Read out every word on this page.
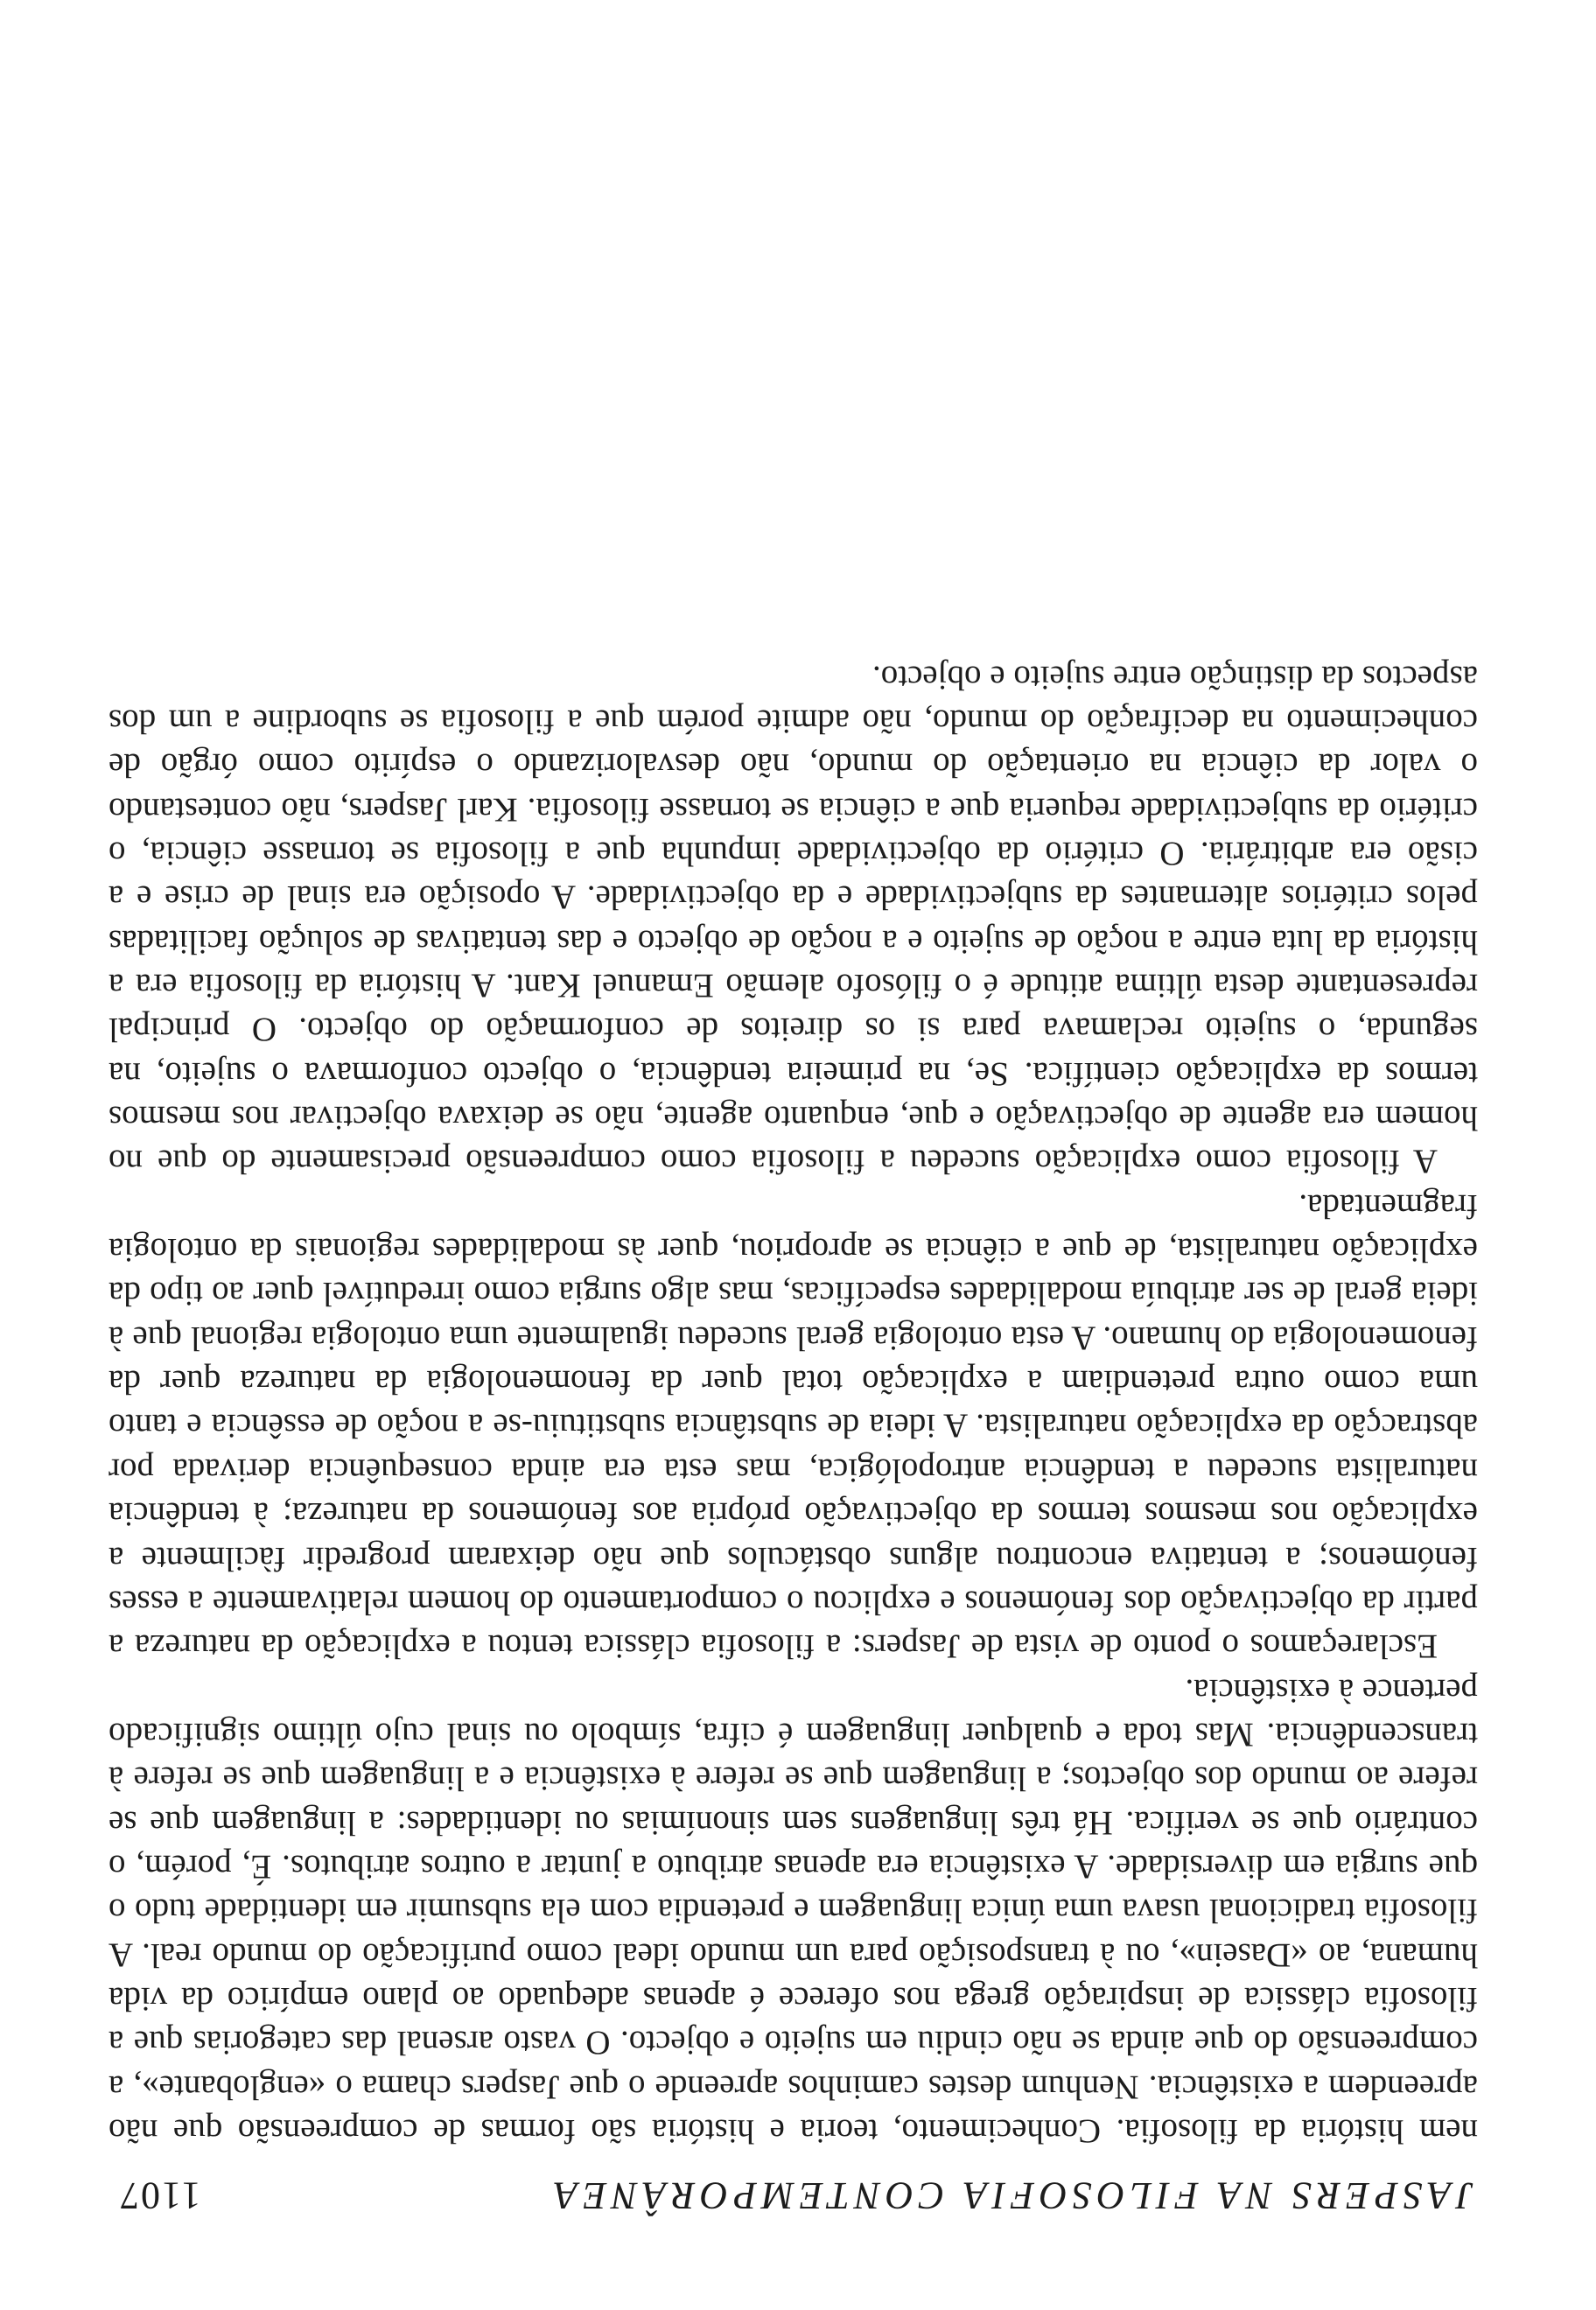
JASPERS NA FILOSOFIA CONTEMPORÂNEA
1107

nem história da filosofia. Conhecimento, teoria e história são formas de compreensão que não apreendem a existência. Nenhum destes caminhos apreende o que Jaspers chama o «englobante», a compreensão do que ainda se não cindiu em sujeito e objecto. O vasto arsenal das categorias que a filosofia clássica de inspiração grega nos oferece é apenas adequado ao plano empírico da vida humana, ao «Dasein», ou à transposição para um mundo ideal como purificação do mundo real. A filosofia tradicional usava uma única linguagem e pretendia com ela subsumir em identidade tudo o que surgia em diversidade. A existência era apenas atributo a juntar a outros atributos. É, porém, o contrário que se verifica. Há três linguagens sem sinonímias ou identidades: a linguagem que se refere ao mundo dos objectos; a linguagem que se refere à existência e a linguagem que se refere à transcendência. Mas toda e qualquer linguagem é cifra, símbolo ou sinal cujo último significado pertence à existência.

Esclareçamos o ponto de vista de Jaspers: a filosofia clássica tentou a explicação da natureza a partir da objectivação dos fenómenos e explicou o comportamento do homem relativamente a esses fenómenos; a tentativa encontrou alguns obstáculos que não deixaram progredir fàcilmente a explicação nos mesmos termos da objectivação própria aos fenómenos da natureza; à tendência naturalista sucedeu a tendência antropológica, mas esta era ainda consequência derivada por abstracção da explicação naturalista. A ideia de substância substituiu-se a noção de essência e tanto uma como outra pretendiam a explicação total quer da fenomenologia da natureza quer da fenomenologia do humano. A esta ontologia geral sucedeu igualmente uma ontologia regional que à ideia geral de ser atribuía modalidades específicas, mas algo surgia como irredutível quer ao tipo da explicação naturalista, de que a ciência se apropriou, quer às modalidades regionais da ontologia fragmentada.

A filosofia como explicação sucedeu a filosofia como compreensão precisamente do que no homem era agente de objectivação e que, enquanto agente, não se deixava objectivar nos mesmos termos da explicação científica. Se, na primeira tendência, o objecto conformava o sujeito, na segunda, o sujeito reclamava para si os direitos de conformação do objecto. O principal representante desta última atitude é o filósofo alemão Emanuel Kant. A história da filosofia era a história da luta entre a noção de sujeito e a noção de objecto e das tentativas de solução facilitadas pelos critérios alternantes da subjectividade e da objectividade. A oposição era sinal de crise e a cisão era arbitrária. O critério da objectividade impunha que a filosofia se tornasse ciência, o critério da subjectividade requeria que a ciência se tornasse filosofia. Karl Jaspers, não contestando o valor da ciência na orientação do mundo, não desvalorizando o espírito como órgão de conhecimento na decifração do mundo, não admite porém que a filosofia se subordine a um dos aspectos da distinção entre sujeito e objecto.
